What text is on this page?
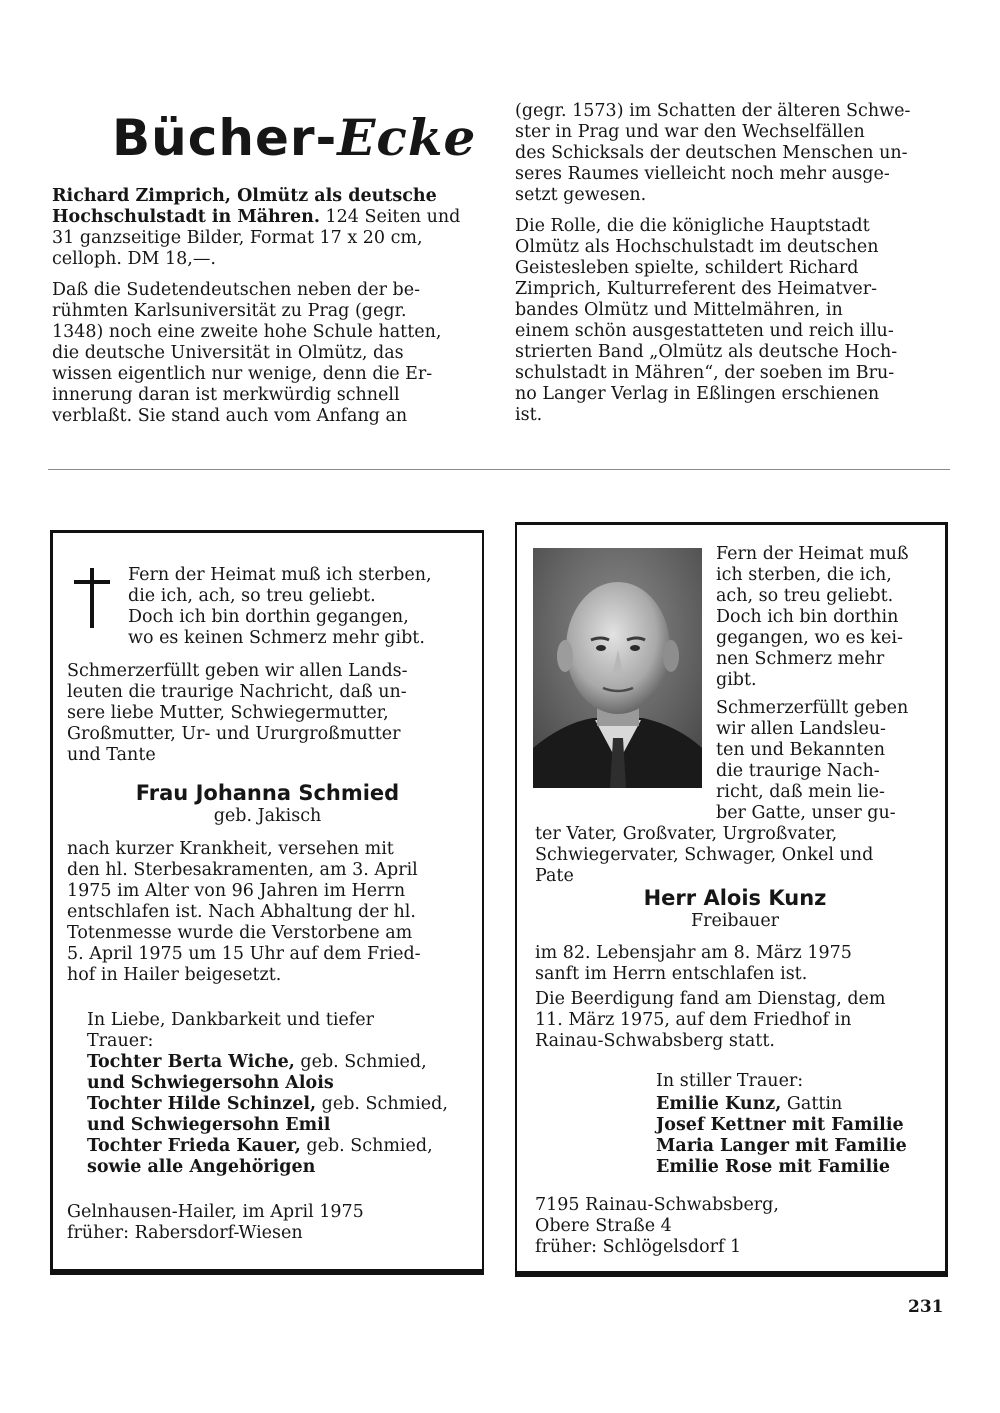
Bücher-Ecke
Richard Zimprich, Olmütz als deutsche
Hochschulstadt in Mähren. 124 Seiten und
31 ganzseitige Bilder, Format 17 x 20 cm,
celloph. DM 18,—.
Daß die Sudetendeutschen neben der be-
rühmten Karlsuniversität zu Prag (gegr.
1348) noch eine zweite hohe Schule hatten,
die deutsche Universität in Olmütz, das
wissen eigentlich nur wenige, denn die Er-
innerung daran ist merkwürdig schnell
verblaßt. Sie stand auch vom Anfang an
(gegr. 1573) im Schatten der älteren Schwe-
ster in Prag und war den Wechselfällen
des Schicksals der deutschen Menschen un-
seres Raumes vielleicht noch mehr ausge-
setzt gewesen.
Die Rolle, die die königliche Hauptstadt
Olmütz als Hochschulstadt im deutschen
Geistesleben spielte, schildert Richard
Zimprich, Kulturreferent des Heimatver-
bandes Olmütz und Mittelmähren, in
einem schön ausgestatteten und reich illu-
strierten Band „Olmütz als deutsche Hoch-
schulstadt in Mähren“, der soeben im Bru-
no Langer Verlag in Eßlingen erschienen
ist.
Fern der Heimat muß ich sterben,
die ich, ach, so treu geliebt.
Doch ich bin dorthin gegangen,
wo es keinen Schmerz mehr gibt.
Schmerzerfüllt geben wir allen Lands-
leuten die traurige Nachricht, daß un-
sere liebe Mutter, Schwiegermutter,
Großmutter, Ur- und Ururgroßmutter
und Tante
Frau Johanna Schmied
geb. Jakisch
nach kurzer Krankheit, versehen mit
den hl. Sterbesakramenten, am 3. April
1975 im Alter von 96 Jahren im Herrn
entschlafen ist. Nach Abhaltung der hl.
Totenmesse wurde die Verstorbene am
5. April 1975 um 15 Uhr auf dem Fried-
hof in Hailer beigesetzt.
In Liebe, Dankbarkeit und tiefer
Trauer:
Tochter Berta Wiche, geb. Schmied,
und Schwiegersohn Alois
Tochter Hilde Schinzel, geb. Schmied,
und Schwiegersohn Emil
Tochter Frieda Kauer, geb. Schmied,
sowie alle Angehörigen
Gelnhausen-Hailer, im April 1975
früher: Rabersdorf-Wiesen
Fern der Heimat muß
ich sterben, die ich,
ach, so treu geliebt.
Doch ich bin dorthin
gegangen, wo es kei-
nen Schmerz mehr
gibt.
Schmerzerfüllt geben
wir allen Landsleu-
ten und Bekannten
die traurige Nach-
richt, daß mein lie-
ber Gatte, unser gu-
ter Vater, Großvater, Urgroßvater,
Schwiegervater, Schwager, Onkel und
Pate
Herr Alois Kunz
Freibauer
im 82. Lebensjahr am 8. März 1975
sanft im Herrn entschlafen ist.
Die Beerdigung fand am Dienstag, dem
11. März 1975, auf dem Friedhof in
Rainau-Schwabsberg statt.
In stiller Trauer:
Emilie Kunz, Gattin
Josef Kettner mit Familie
Maria Langer mit Familie
Emilie Rose mit Familie
7195 Rainau-Schwabsberg,
Obere Straße 4
früher: Schlögelsdorf 1
231
